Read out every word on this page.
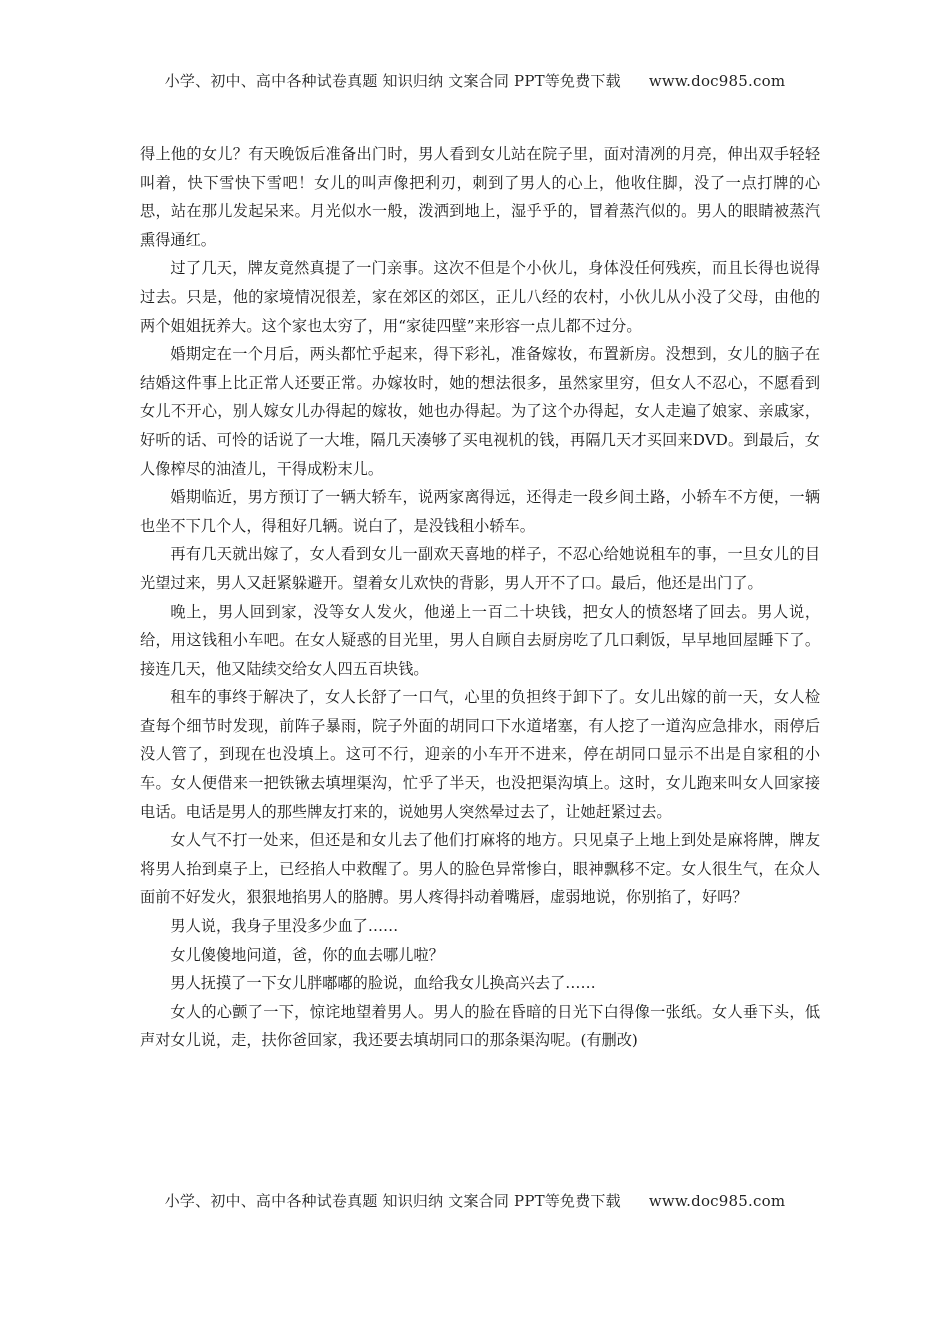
小学、初中、高中各种试卷真题 知识归纳 文案合同 PPT等免费下载 www.doc985.com

得上他的女儿？有天晚饭后准备出门时，男人看到女儿站在院子里，面对清冽的月亮，伸出双手轻轻叫着，快下雪快下雪吧！女儿的叫声像把利刃，刺到了男人的心上，他收住脚，没了一点打牌的心思，站在那儿发起呆来。月光似水一般，泼洒到地上，湿乎乎的，冒着蒸汽似的。男人的眼睛被蒸汽熏得通红。

过了几天，牌友竟然真提了一门亲事。这次不但是个小伙儿，身体没任何残疾，而且长得也说得过去。只是，他的家境情况很差，家在郊区的郊区，正儿八经的农村，小伙儿从小没了父母，由他的两个姐姐抚养大。这个家也太穷了，用“家徒四壁”来形容一点儿都不过分。

婚期定在一个月后，两头都忙乎起来，得下彩礼，准备嫁妆，布置新房。没想到，女儿的脑子在结婚这件事上比正常人还要正常。办嫁妆时，她的想法很多，虽然家里穷，但女人不忍心，不愿看到女儿不开心，别人嫁女儿办得起的嫁妆，她也办得起。为了这个办得起，女人走遍了娘家、亲戚家，好听的话、可怜的话说了一大堆，隔几天凑够了买电视机的钱，再隔几天才买回来DVD。到最后，女人像榨尽的油渣儿，干得成粉末儿。

婚期临近，男方预订了一辆大轿车，说两家离得远，还得走一段乡间土路，小轿车不方便，一辆也坐不下几个人，得租好几辆。说白了，是没钱租小轿车。

再有几天就出嫁了，女人看到女儿一副欢天喜地的样子，不忍心给她说租车的事，一旦女儿的目光望过来，男人又赶紧躲避开。望着女儿欢快的背影，男人开不了口。最后，他还是出门了。

晚上，男人回到家，没等女人发火，他递上一百二十块钱，把女人的愤怒堵了回去。男人说，给，用这钱租小车吧。在女人疑惑的目光里，男人自顾自去厨房吃了几口剩饭，早早地回屋睡下了。接连几天，他又陆续交给女人四五百块钱。

租车的事终于解决了，女人长舒了一口气，心里的负担终于卸下了。女儿出嫁的前一天，女人检查每个细节时发现，前阵子暴雨，院子外面的胡同口下水道堵塞，有人挖了一道沟应急排水，雨停后没人管了，到现在也没填上。这可不行，迎亲的小车开不进来，停在胡同口显示不出是自家租的小车。女人便借来一把铁锹去填埋渠沟，忙乎了半天，也没把渠沟填上。这时，女儿跑来叫女人回家接电话。电话是男人的那些牌友打来的，说她男人突然晕过去了，让她赶紧过去。

女人气不打一处来，但还是和女儿去了他们打麻将的地方。只见桌子上地上到处是麻将牌，牌友将男人抬到桌子上，已经掐人中救醒了。男人的脸色异常惨白，眼神飘移不定。女人很生气，在众人面前不好发火，狠狠地掐男人的胳膊。男人疼得抖动着嘴唇，虚弱地说，你别掐了，好吗？

男人说，我身子里没多少血了……

女儿傻傻地问道，爸，你的血去哪儿啦？

男人抚摸了一下女儿胖嘟嘟的脸说，血给我女儿换高兴去了……

女人的心颤了一下，惊诧地望着男人。男人的脸在昏暗的日光下白得像一张纸。女人垂下头，低声对女儿说，走，扶你爸回家，我还要去填胡同口的那条渠沟呢。(有删改)

小学、初中、高中各种试卷真题 知识归纳 文案合同 PPT等免费下载 www.doc985.com
